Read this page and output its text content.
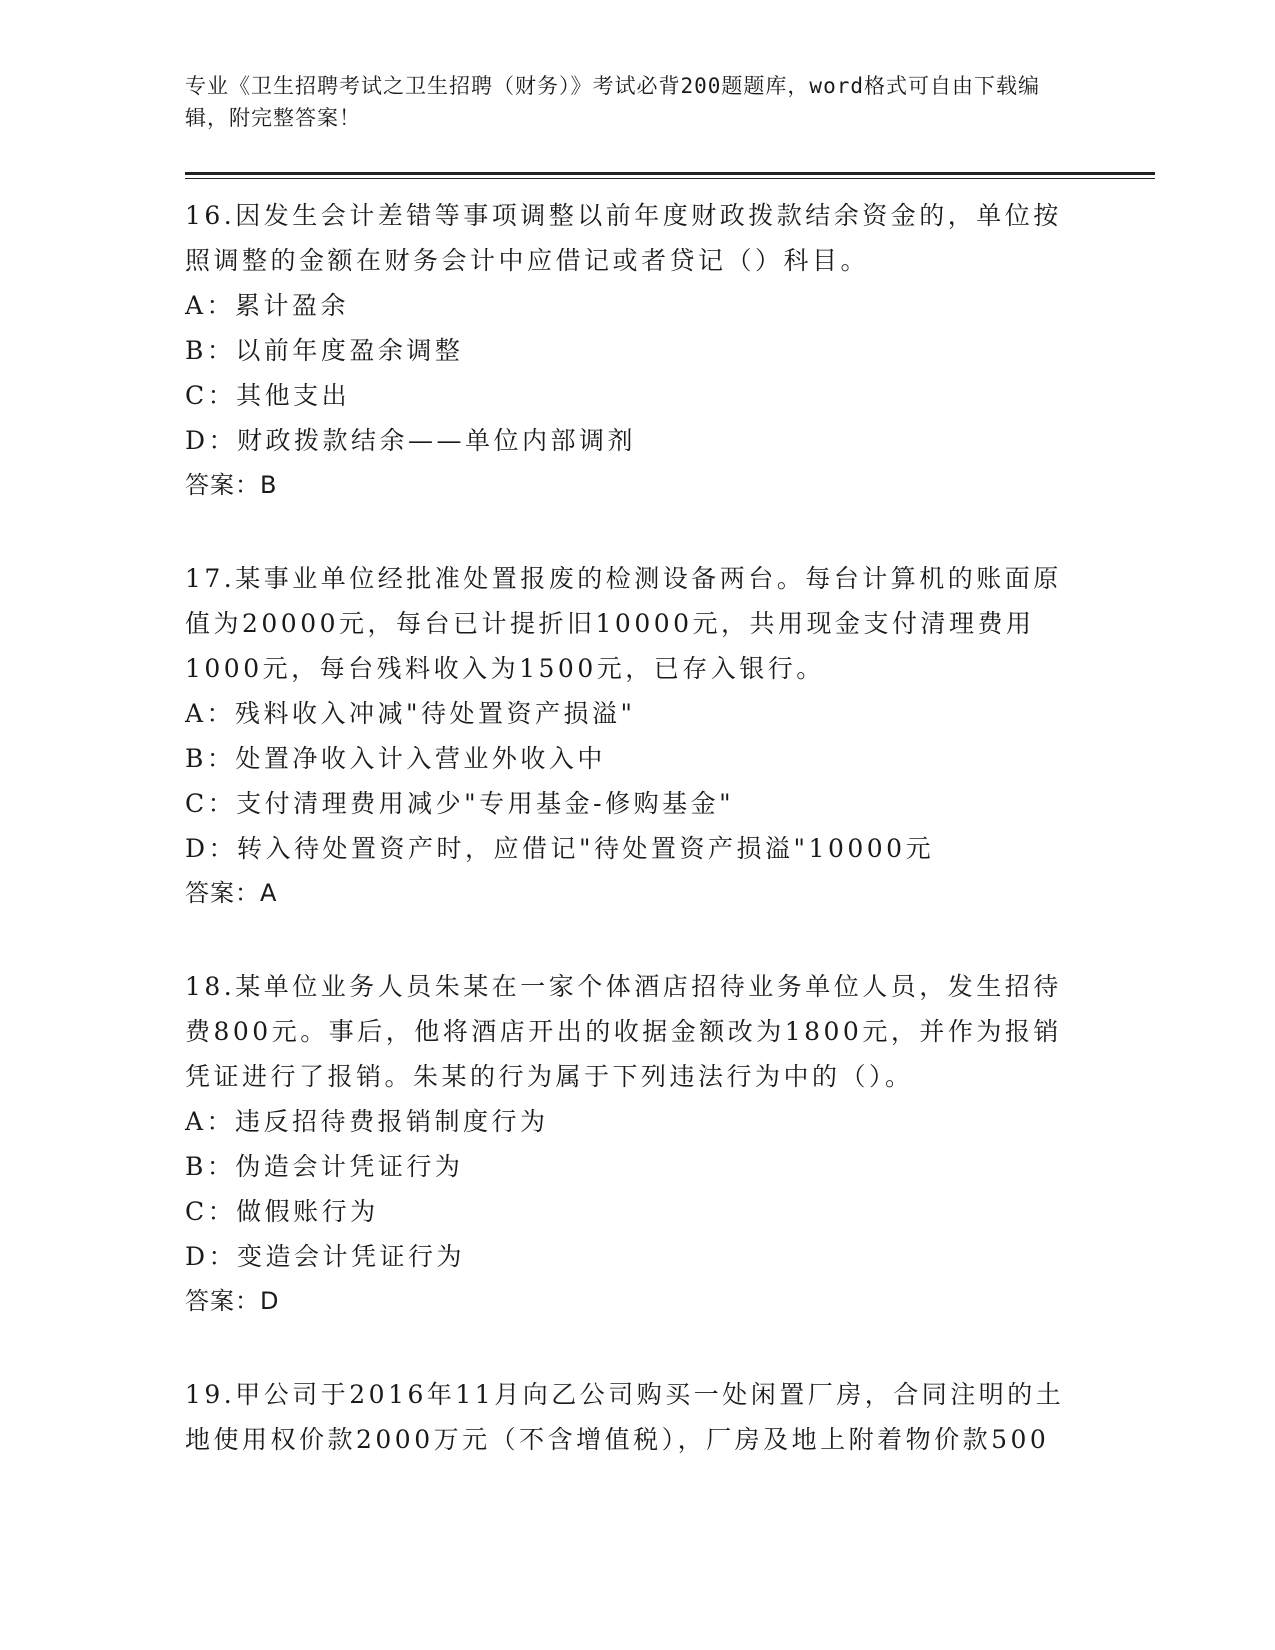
专业《卫生招聘考试之卫生招聘（财务）》考试必背200题题库，word格式可自由下载编辑，附完整答案！

16.因发生会计差错等事项调整以前年度财政拨款结余资金的，单位按照调整的金额在财务会计中应借记或者贷记（）科目。

A：累计盈余

B：以前年度盈余调整

C：其他支出

D：财政拨款结余——单位内部调剂

答案：B

17.某事业单位经批准处置报废的检测设备两台。每台计算机的账面原值为20000元，每台已计提折旧10000元，共用现金支付清理费用1000元，每台残料收入为1500元，已存入银行。

A：残料收入冲减"待处置资产损溢"

B：处置净收入计入营业外收入中

C：支付清理费用减少"专用基金-修购基金"

D：转入待处置资产时，应借记"待处置资产损溢"10000元

答案：A

18.某单位业务人员朱某在一家个体酒店招待业务单位人员，发生招待费800元。事后，他将酒店开出的收据金额改为1800元，并作为报销凭证进行了报销。朱某的行为属于下列违法行为中的（）。

A：违反招待费报销制度行为

B：伪造会计凭证行为

C：做假账行为

D：变造会计凭证行为

答案：D

19.甲公司于2016年11月向乙公司购买一处闲置厂房，合同注明的土地使用权价款2000万元（不含增值税），厂房及地上附着物价款500
